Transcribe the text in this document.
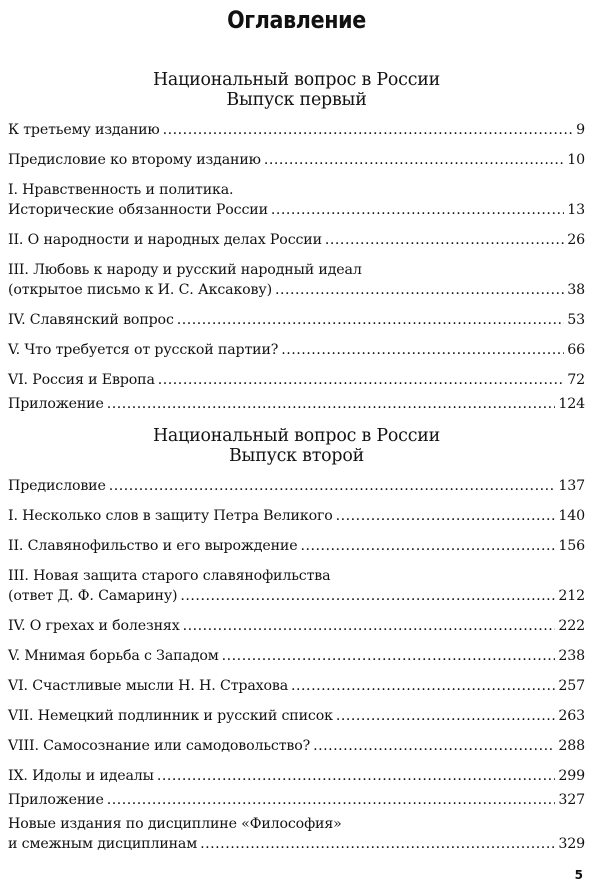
Оглавление
Национальный вопрос в России
Выпуск первый
К третьему изданию .....	9
Предисловие ко второму изданию .....	10
I. Нравственность и политика.
Исторические обязанности России .....	13
II. О народности и народных делах России .....	26
III. Любовь к народу и русский народный идеал
(открытое письмо к И. С. Аксакову) .....	38
IV. Славянский вопрос .....	53
V. Что требуется от русской партии? .....	66
VI. Россия и Европа .....	72
Приложение .....	124
Национальный вопрос в России
Выпуск второй
Предисловие .....	137
I. Несколько слов в защиту Петра Великого .....	140
II. Славянофильство и его вырождение .....	156
III. Новая защита старого славянофильства
(ответ Д. Ф. Самарину) .....	212
IV. О грехах и болезнях .....	222
V. Мнимая борьба с Западом .....	238
VI. Счастливые мысли Н. Н. Страхова .....	257
VII. Немецкий подлинник и русский список .....	263
VIII. Самосознание или самодовольство? .....	288
IX. Идолы и идеалы .....	299
Приложение .....	327
Новые издания по дисциплине «Философия»
и смежным дисциплинам .....	329
5
